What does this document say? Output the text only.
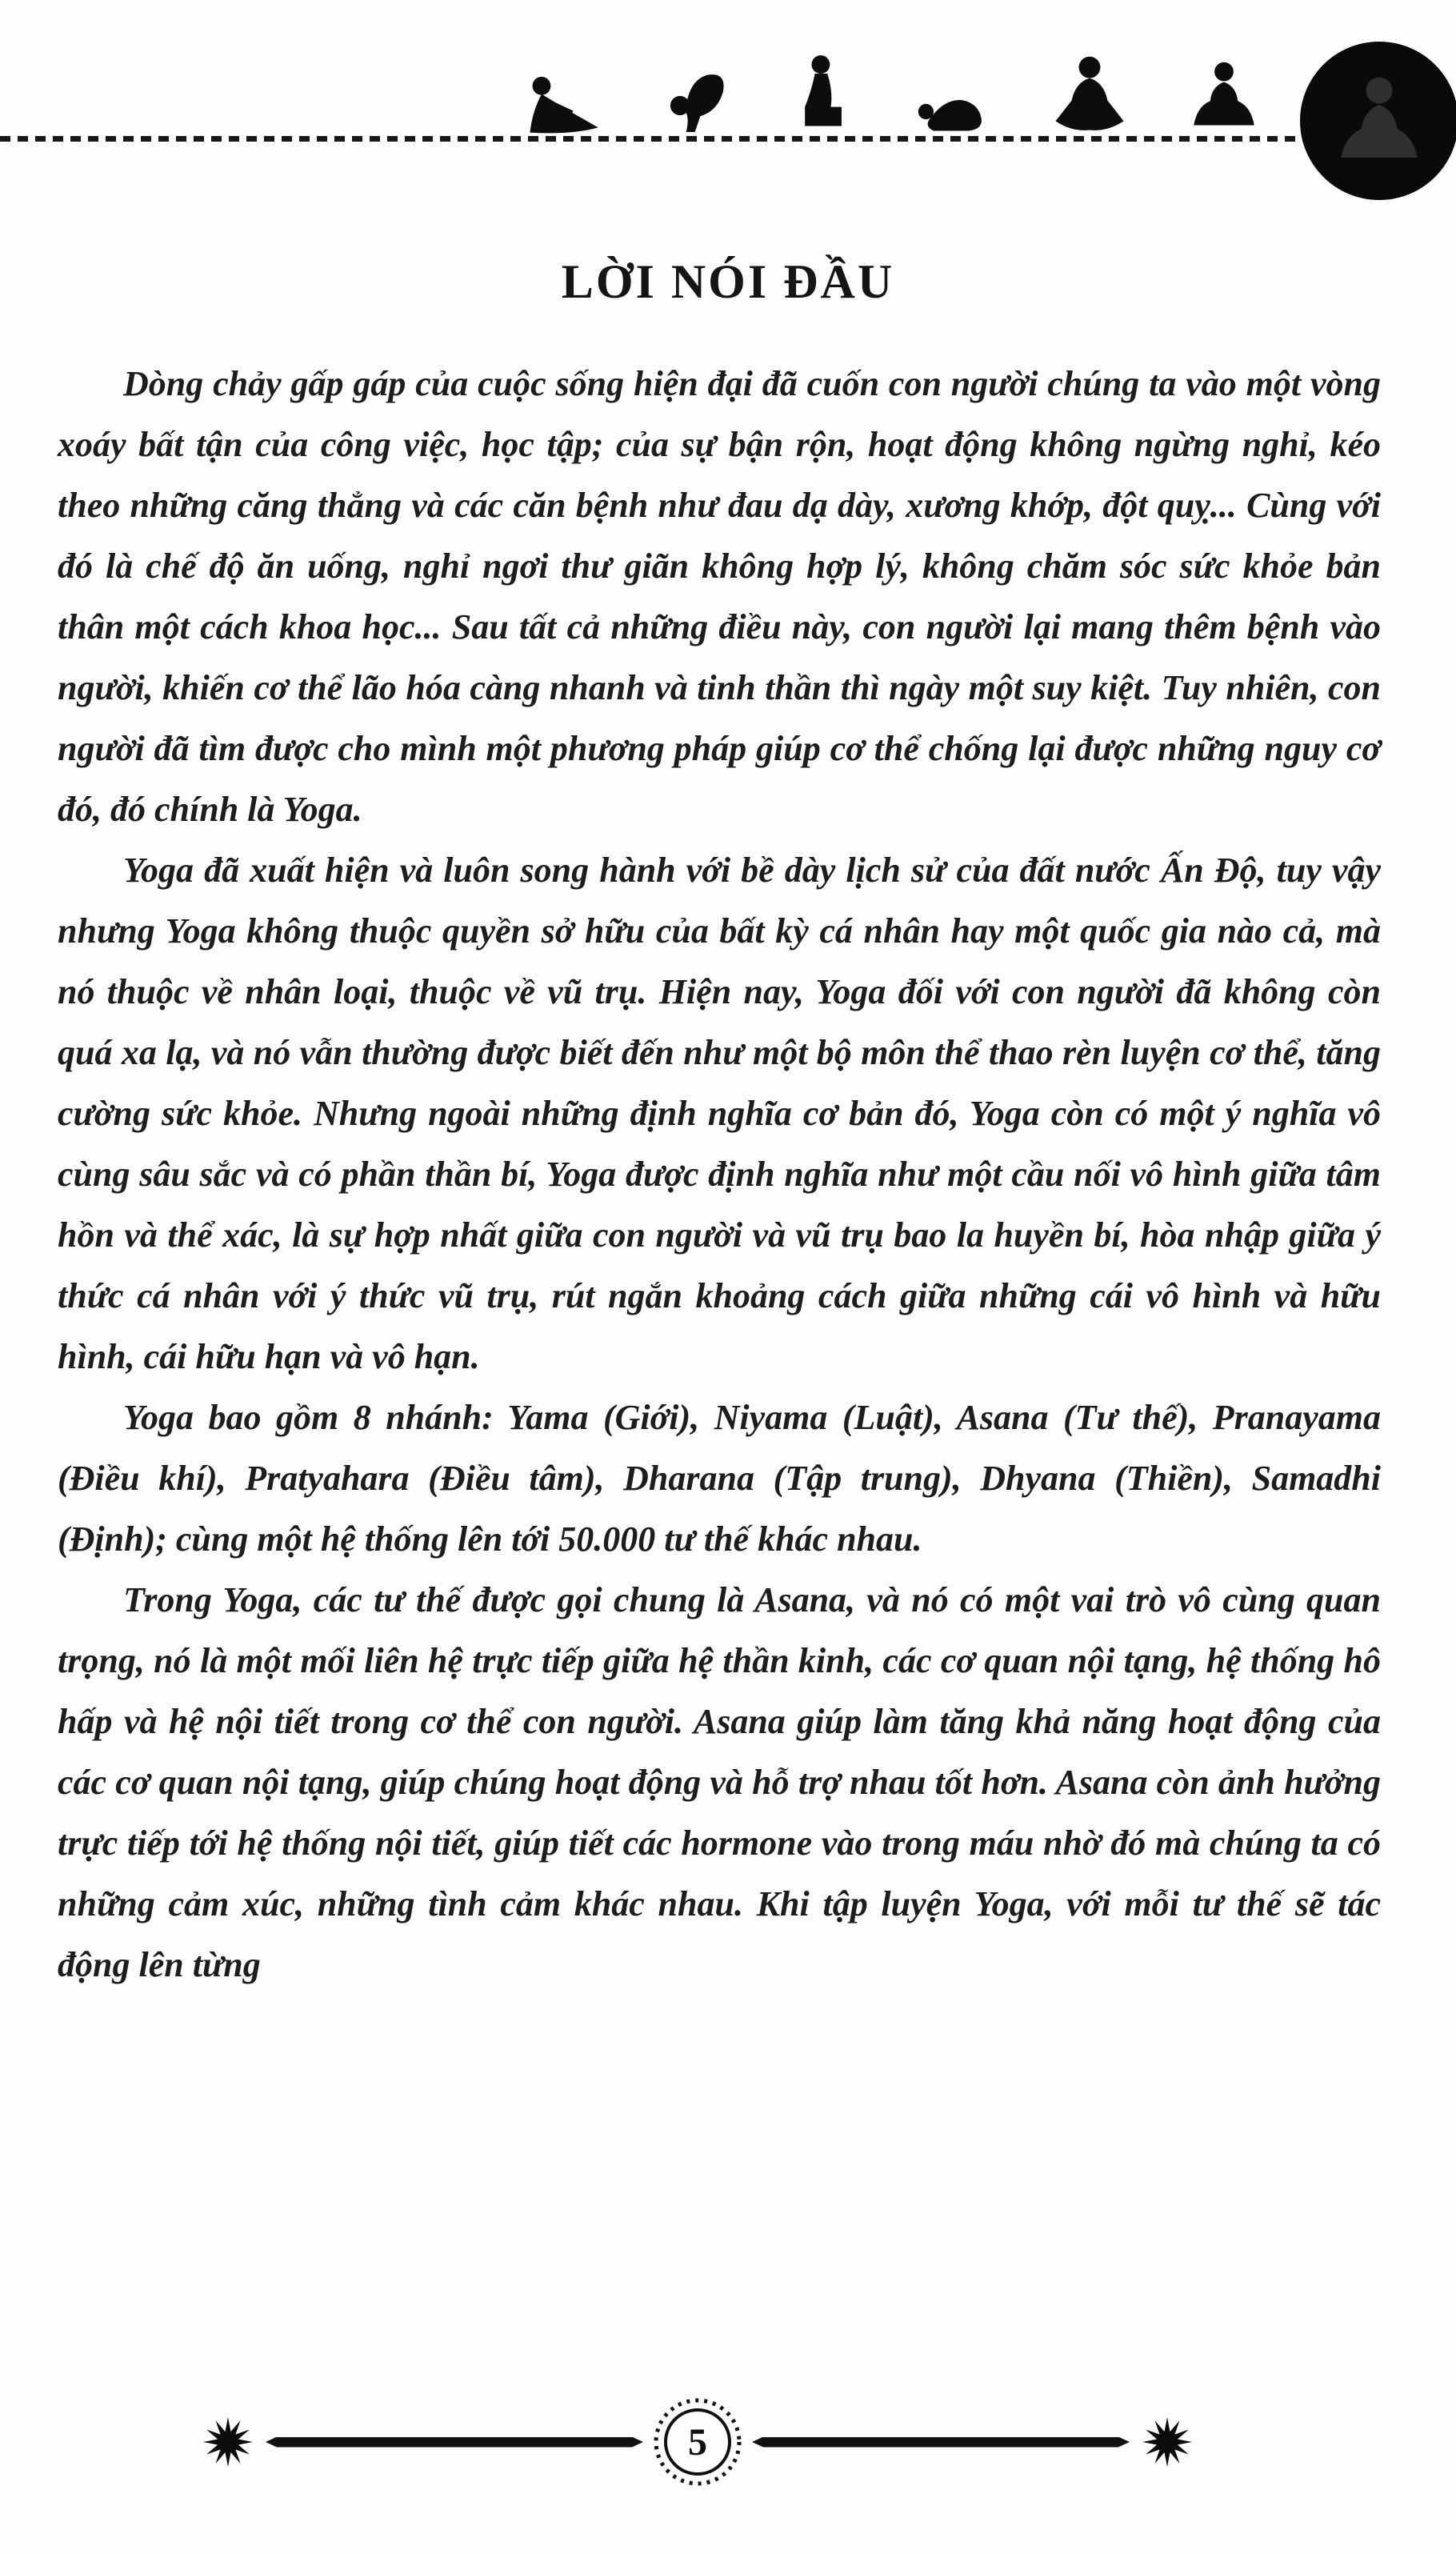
LỜI NÓI ĐẦU

Dòng chảy gấp gáp của cuộc sống hiện đại đã cuốn con người chúng ta vào một vòng xoáy bất tận của công việc, học tập; của sự bận rộn, hoạt động không ngừng nghỉ, kéo theo những căng thẳng và các căn bệnh như đau dạ dày, xương khớp, đột quỵ... Cùng với đó là chế độ ăn uống, nghỉ ngơi thư giãn không hợp lý, không chăm sóc sức khỏe bản thân một cách khoa học... Sau tất cả những điều này, con người lại mang thêm bệnh vào người, khiến cơ thể lão hóa càng nhanh và tinh thần thì ngày một suy kiệt. Tuy nhiên, con người đã tìm được cho mình một phương pháp giúp cơ thể chống lại được những nguy cơ đó, đó chính là Yoga.

Yoga đã xuất hiện và luôn song hành với bề dày lịch sử của đất nước Ấn Độ, tuy vậy nhưng Yoga không thuộc quyền sở hữu của bất kỳ cá nhân hay một quốc gia nào cả, mà nó thuộc về nhân loại, thuộc về vũ trụ. Hiện nay, Yoga đối với con người đã không còn quá xa lạ, và nó vẫn thường được biết đến như một bộ môn thể thao rèn luyện cơ thể, tăng cường sức khỏe. Nhưng ngoài những định nghĩa cơ bản đó, Yoga còn có một ý nghĩa vô cùng sâu sắc và có phần thần bí, Yoga được định nghĩa như một cầu nối vô hình giữa tâm hồn và thể xác, là sự hợp nhất giữa con người và vũ trụ bao la huyền bí, hòa nhập giữa ý thức cá nhân với ý thức vũ trụ, rút ngắn khoảng cách giữa những cái vô hình và hữu hình, cái hữu hạn và vô hạn.

Yoga bao gồm 8 nhánh: Yama (Giới), Niyama (Luật), Asana (Tư thế), Pranayama (Điều khí), Pratyahara (Điều tâm), Dharana (Tập trung), Dhyana (Thiền), Samadhi (Định); cùng một hệ thống lên tới 50.000 tư thế khác nhau.

Trong Yoga, các tư thế được gọi chung là Asana, và nó có một vai trò vô cùng quan trọng, nó là một mối liên hệ trực tiếp giữa hệ thần kinh, các cơ quan nội tạng, hệ thống hô hấp và hệ nội tiết trong cơ thể con người. Asana giúp làm tăng khả năng hoạt động của các cơ quan nội tạng, giúp chúng hoạt động và hỗ trợ nhau tốt hơn. Asana còn ảnh hưởng trực tiếp tới hệ thống nội tiết, giúp tiết các hormone vào trong máu nhờ đó mà chúng ta có những cảm xúc, những tình cảm khác nhau. Khi tập luyện Yoga, với mỗi tư thế sẽ tác động lên từng

5
